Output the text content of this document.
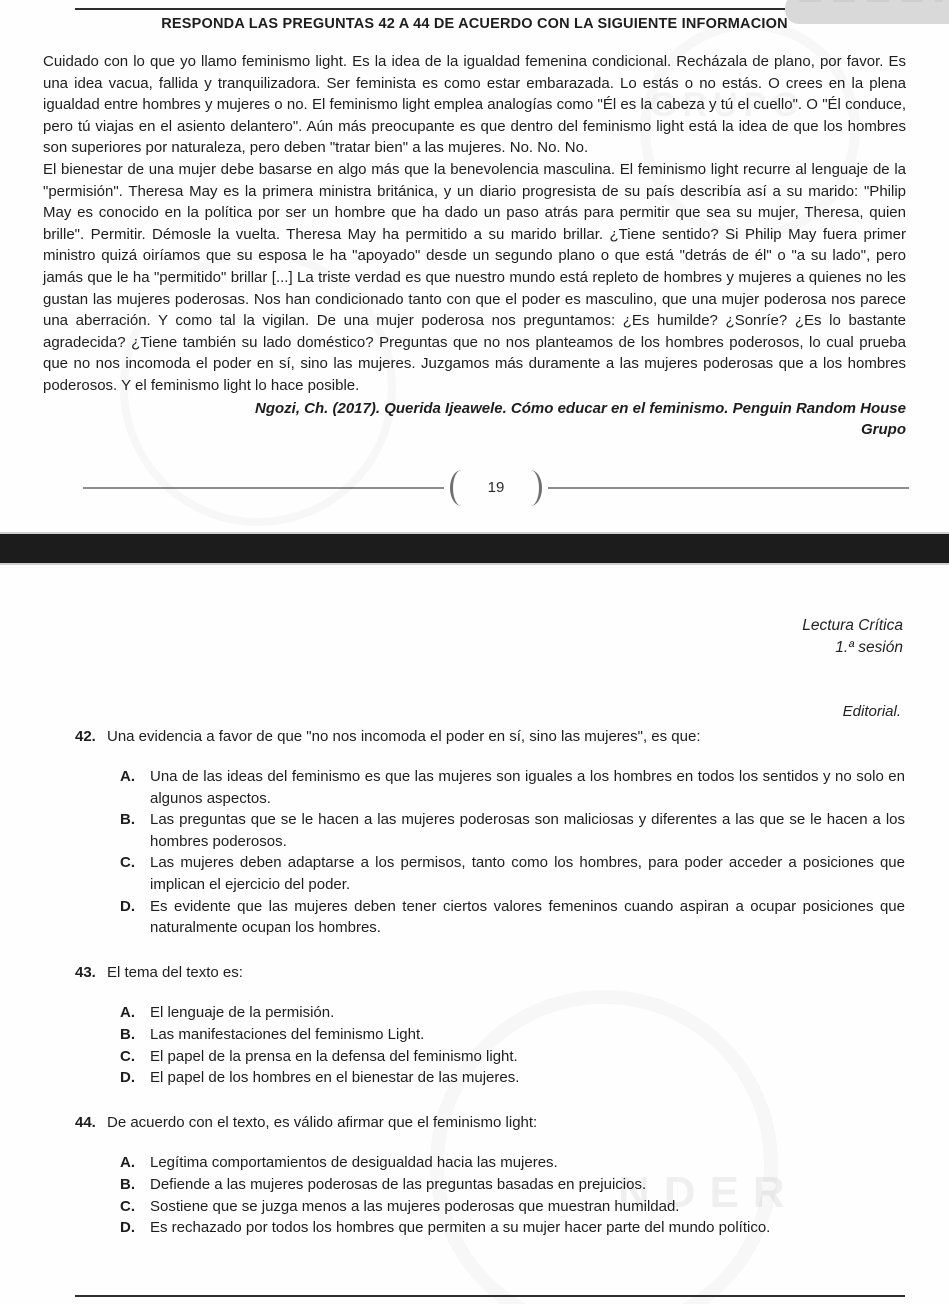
NDER
RESPONDA LAS PREGUNTAS 42 A 44 DE ACUERDO CON LA SIGUIENTE INFORMACION

Cuidado con lo que yo llamo feminismo light. Es la idea de la igualdad femenina condicional. Recházala de plano, por favor. Es una idea vacua, fallida y tranquilizadora. Ser feminista es como estar embarazada. Lo estás o no estás. O crees en la plena igualdad entre hombres y mujeres o no. El feminismo light emplea analogías como "Él es la cabeza y tú el cuello". O "Él conduce, pero tú viajas en el asiento delantero". Aún más preocupante es que dentro del feminismo light está la idea de que los hombres son superiores por naturaleza, pero deben "tratar bien" a las mujeres. No. No. No.

El bienestar de una mujer debe basarse en algo más que la benevolencia masculina. El feminismo light recurre al lenguaje de la "permisión". Theresa May es la primera ministra británica, y un diario progresista de su país describía así a su marido: "Philip May es conocido en la política por ser un hombre que ha dado un paso atrás para permitir que sea su mujer, Theresa, quien brille". Permitir. Démosle la vuelta. Theresa May ha permitido a su marido brillar. ¿Tiene sentido? Si Philip May fuera primer ministro quizá oiríamos que su esposa le ha "apoyado" desde un segundo plano o que está "detrás de él" o "a su lado", pero jamás que le ha "permitido" brillar [...] La triste verdad es que nuestro mundo está repleto de hombres y mujeres a quienes no les gustan las mujeres poderosas. Nos han condicionado tanto con que el poder es masculino, que una mujer poderosa nos parece una aberración. Y como tal la vigilan. De una mujer poderosa nos preguntamos: ¿Es humilde? ¿Sonríe? ¿Es lo bastante agradecida? ¿Tiene también su lado doméstico? Preguntas que no nos planteamos de los hombres poderosos, lo cual prueba que no nos incomoda el poder en sí, sino las mujeres. Juzgamos más duramente a las mujeres poderosas que a los hombres poderosos. Y el feminismo light lo hace posible.

Ngozi, Ch. (2017). Querida Ijeawele. Cómo educar en el feminismo. Penguin Random House
Grupo
19
Lectura Crítica
1.ª sesión
Editorial.
42. Una evidencia a favor de que "no nos incomoda el poder en sí, sino las mujeres", es que:
A.	Una de las ideas del feminismo es que las mujeres son iguales a los hombres en todos los sentidos y no solo en algunos aspectos.
B.	Las preguntas que se le hacen a las mujeres poderosas son maliciosas y diferentes a las que se le hacen a los hombres poderosos.
C.	Las mujeres deben adaptarse a los permisos, tanto como los hombres, para poder acceder a posiciones que implican el ejercicio del poder.
D.	Es evidente que las mujeres deben tener ciertos valores femeninos cuando aspiran a ocupar posiciones que naturalmente ocupan los hombres.
43. El tema del texto es:
A.	El lenguaje de la permisión.
B.	Las manifestaciones del feminismo Light.
C.	El papel de la prensa en la defensa del feminismo light.
D.	El papel de los hombres en el bienestar de las mujeres.
44. De acuerdo con el texto, es válido afirmar que el feminismo light:
A.	Legítima comportamientos de desigualdad hacia las mujeres.
B.	Defiende a las mujeres poderosas de las preguntas basadas en prejuicios.
C.	Sostiene que se juzga menos a las mujeres poderosas que muestran humildad.
D.	Es rechazado por todos los hombres que permiten a su mujer hacer parte del mundo político.
